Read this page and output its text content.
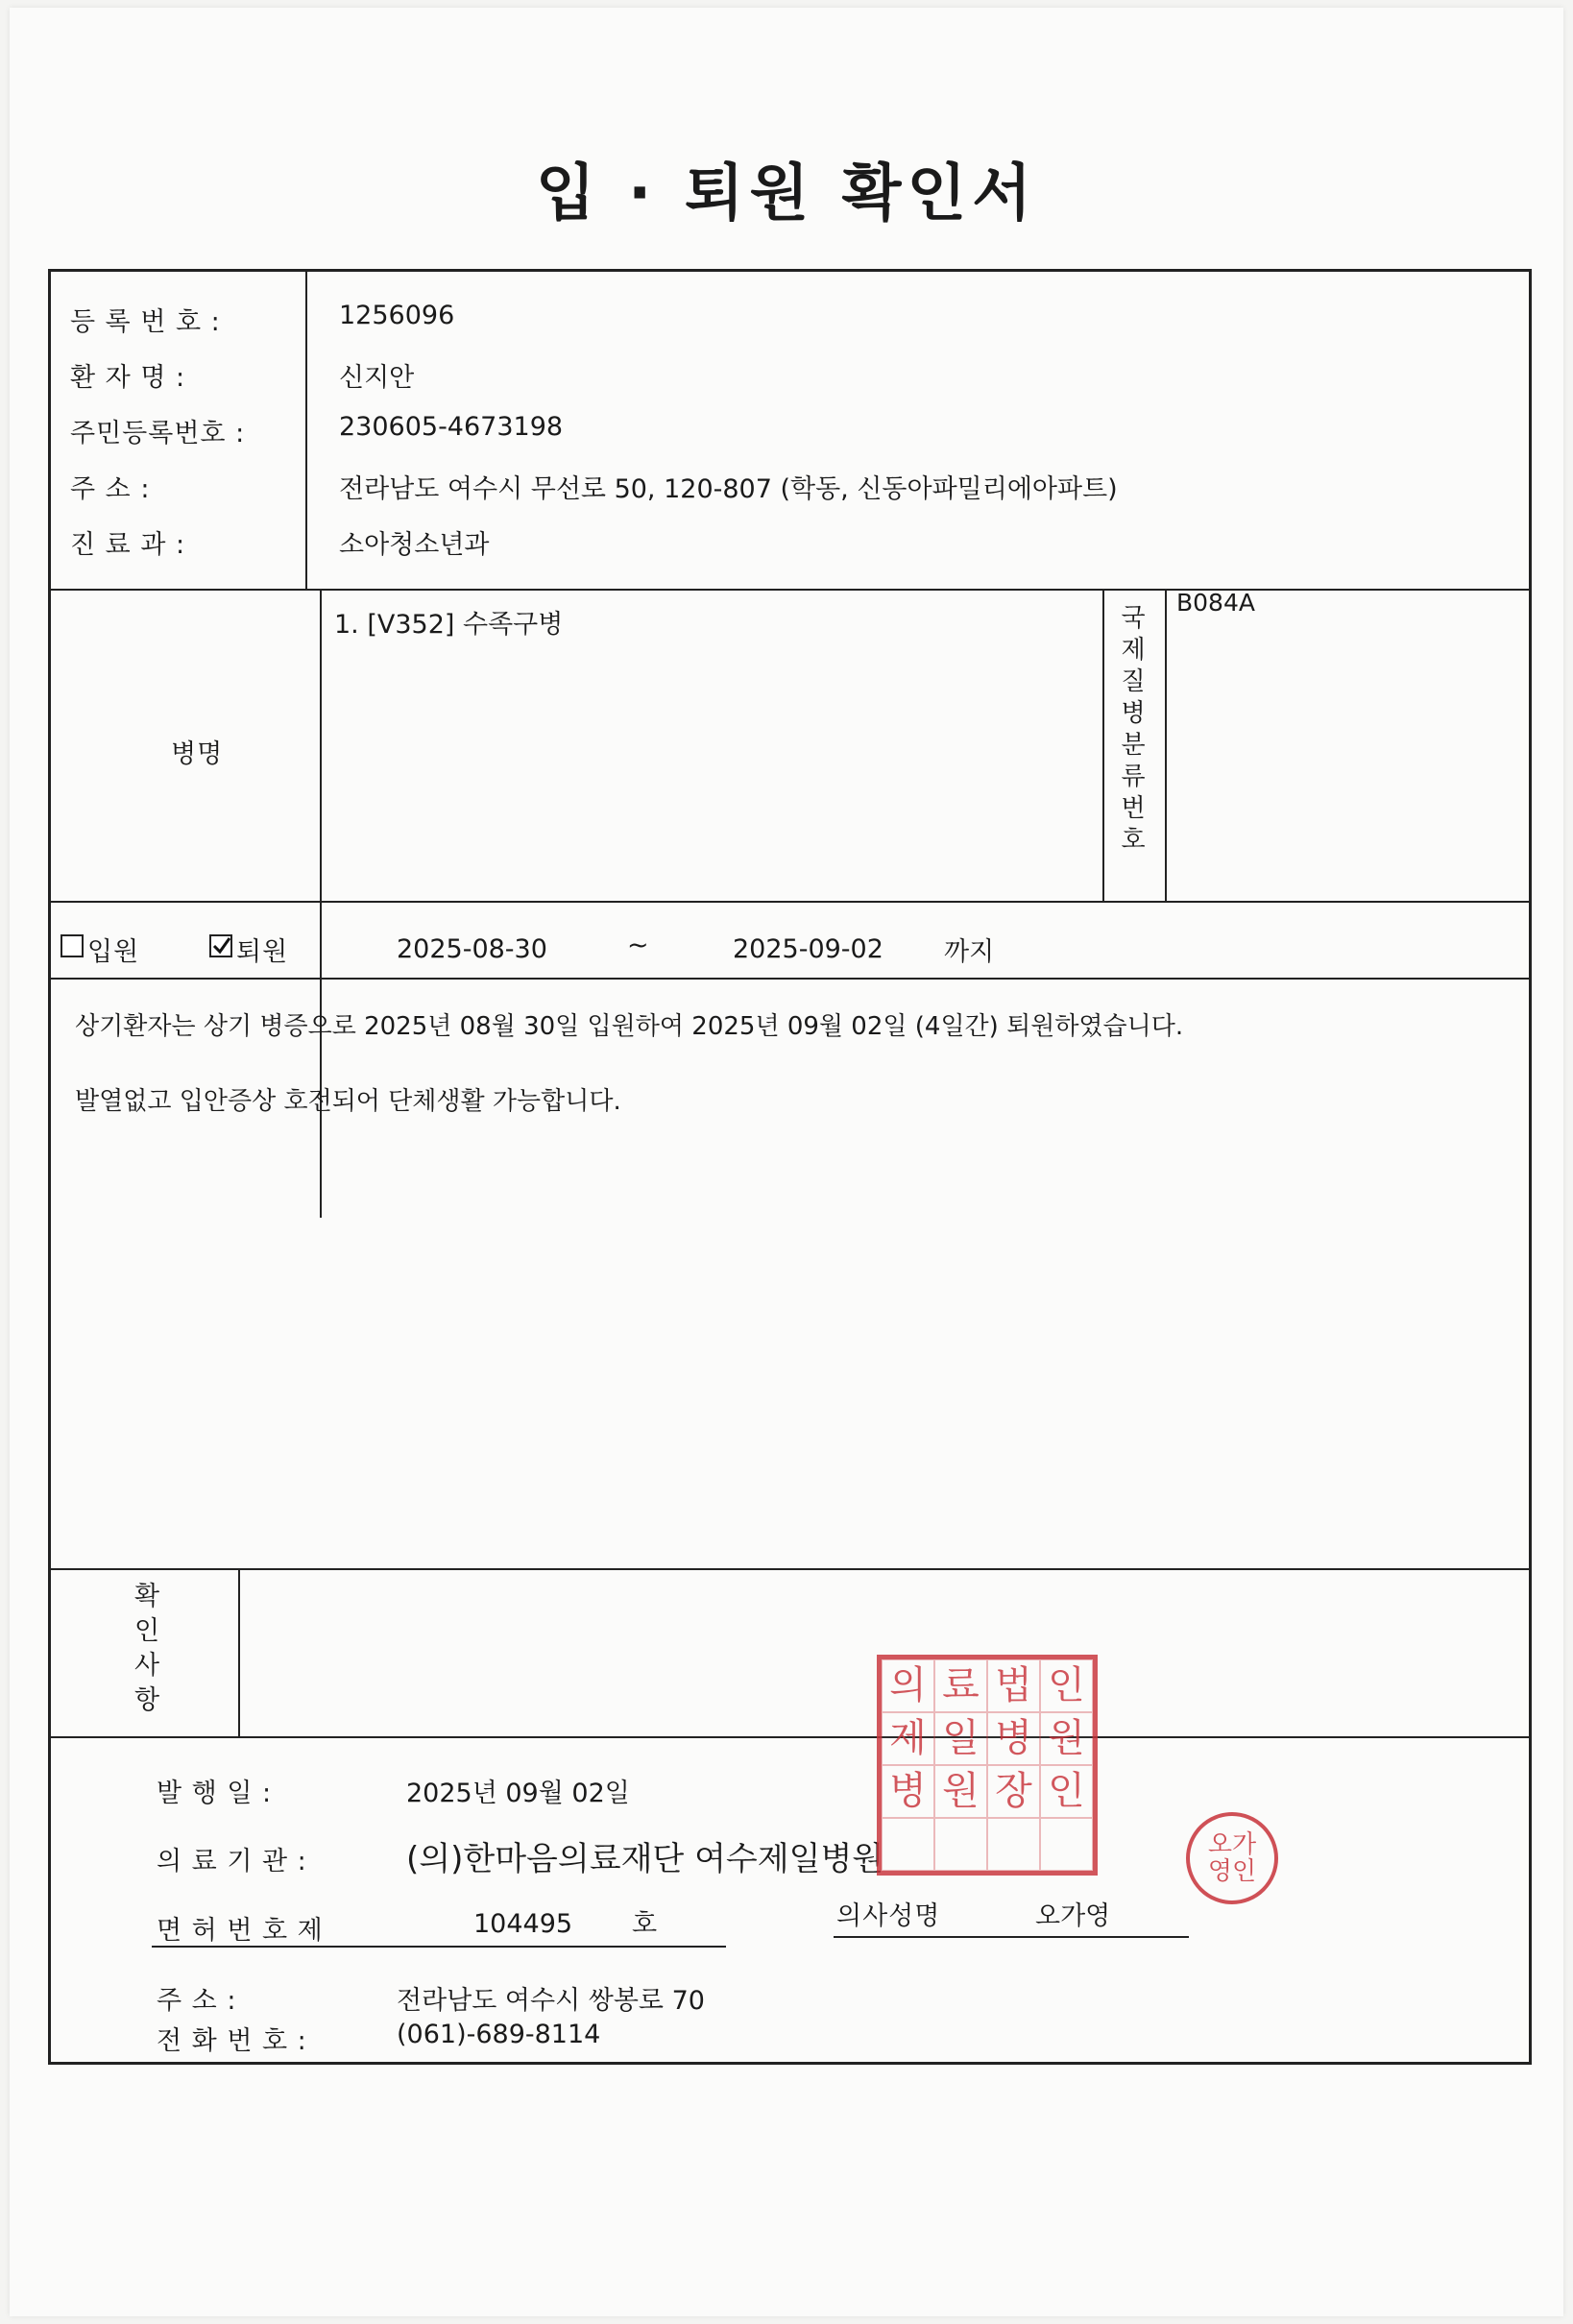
입 · 퇴원 확인서
등 록 번 호 :	1256096
환 자 명 :	신지안
주민등록번호 :	230605-4673198
주 소 :	전라남도 여수시 무선로 50, 120-807 (학동, 신동아파밀리에아파트)
진 료 과 :	소아청소년과
병명
1. [V352] 수족구병	국제질병분류번호
B084A
입원	퇴원	2025-08-30	~	2025-09-02 까지
상기환자는 상기 병증으로 2025년 08월 30일 입원하여 2025년 09월 02일 (4일간) 퇴원하였습니다.
발열없고 입안증상 호전되어 단체생활 가능합니다.
확인사항
발 행 일 :	2025년 09월 02일
의 료 기 관 :	(의)한마음의료재단 여수제일병원
면 허 번 호 제	104495 호	의사성명	오가영
주 소 :	전라남도 여수시 쌍봉로 70
전 화 번 호 :	(061)-689-8114
의 료 법 인
제 일 병 원
병 원 장 인
오가
영인
